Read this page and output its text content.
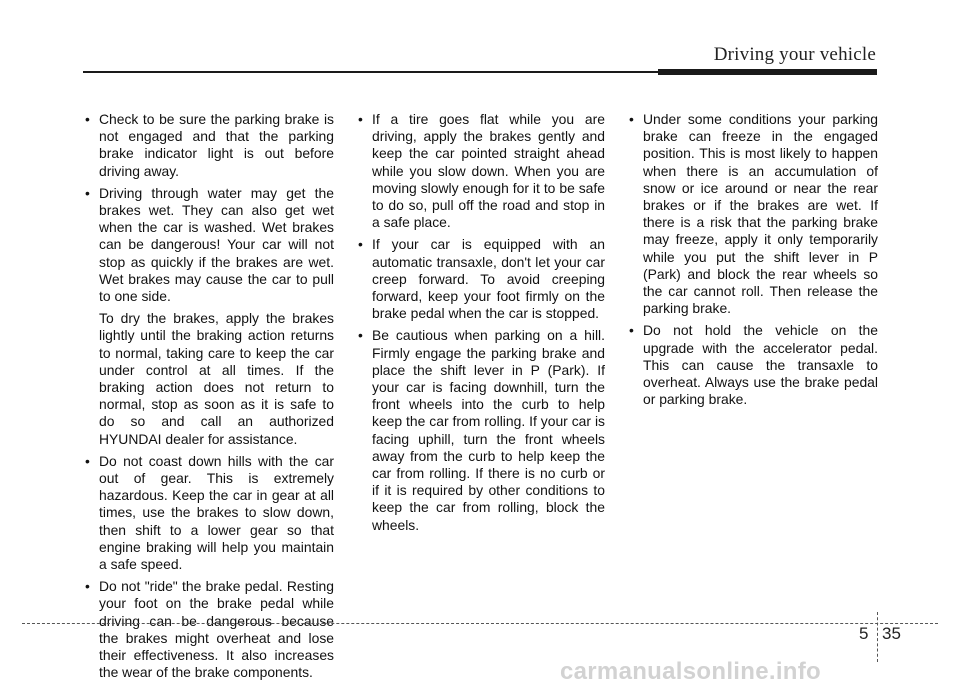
Driving your vehicle
• Check to be sure the parking brake is not engaged and that the parking brake indicator light is out before driving away.
• Driving through water may get the brakes wet. They can also get wet when the car is washed. Wet brakes can be dangerous! Your car will not stop as quickly if the brakes are wet. Wet brakes may cause the car to pull to one side.
To dry the brakes, apply the brakes lightly until the braking action returns to normal, taking care to keep the car under control at all times. If the braking action does not return to normal, stop as soon as it is safe to do so and call an authorized HYUNDAI dealer for assistance.
• Do not coast down hills with the car out of gear. This is extremely hazardous. Keep the car in gear at all times, use the brakes to slow down, then shift to a lower gear so that engine braking will help you maintain a safe speed.
• Do not "ride" the brake pedal. Resting your foot on the brake pedal while driving can be dangerous because the brakes might overheat and lose their effectiveness. It also increases the wear of the brake components.
• If a tire goes flat while you are driving, apply the brakes gently and keep the car pointed straight ahead while you slow down. When you are moving slowly enough for it to be safe to do so, pull off the road and stop in a safe place.
• If your car is equipped with an automatic transaxle, don't let your car creep forward. To avoid creeping forward, keep your foot firmly on the brake pedal when the car is stopped.
• Be cautious when parking on a hill. Firmly engage the parking brake and place the shift lever in P (Park). If your car is facing downhill, turn the front wheels into the curb to help keep the car from rolling. If your car is facing uphill, turn the front wheels away from the curb to help keep the car from rolling. If there is no curb or if it is required by other conditions to keep the car from rolling, block the wheels.
• Under some conditions your parking brake can freeze in the engaged position. This is most likely to happen when there is an accumulation of snow or ice around or near the rear brakes or if the brakes are wet. If there is a risk that the parking brake may freeze, apply it only temporarily while you put the shift lever in P (Park) and block the rear wheels so the car cannot roll. Then release the parking brake.
• Do not hold the vehicle on the upgrade with the accelerator pedal. This can cause the transaxle to overheat. Always use the brake pedal or parking brake.
5 35
carmanualsonline.info
